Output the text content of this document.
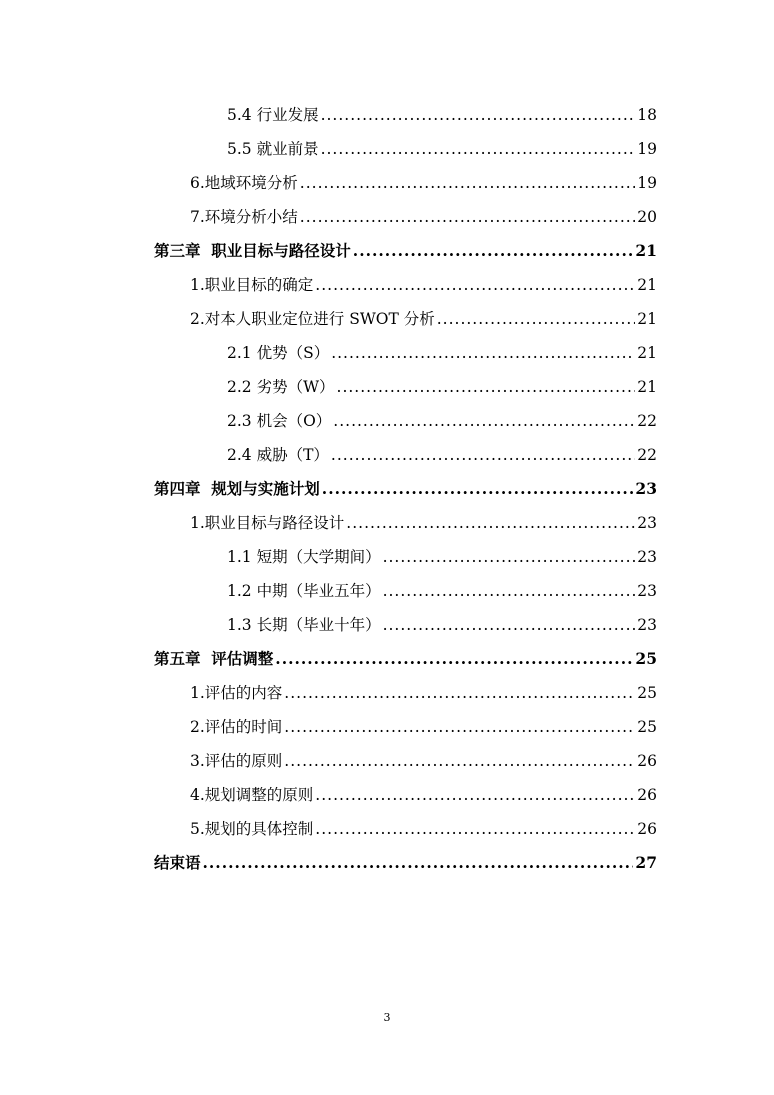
5.4 行业发展 .....	18
5.5 就业前景 .....	19
6.地域环境分析 .....	19
7.环境分析小结 .....	20
第三章  职业目标与路径设计 .....	21
1.职业目标的确定 .....	21
2.对本人职业定位进行 SWOT 分析 .....	21
2.1 优势（S） .....	21
2.2 劣势（W） .....	21
2.3 机会（O） .....	22
2.4 威胁（T） .....	22
第四章  规划与实施计划 .....	23
1.职业目标与路径设计 .....	23
1.1 短期（大学期间） .....	23
1.2 中期（毕业五年） .....	23
1.3 长期（毕业十年） .....	23
第五章  评估调整 .....	25
1.评估的内容 .....	25
2.评估的时间 .....	25
3.评估的原则 .....	26
4.规划调整的原则 .....	26
5.规划的具体控制 .....	26
结束语 .....	27
3
